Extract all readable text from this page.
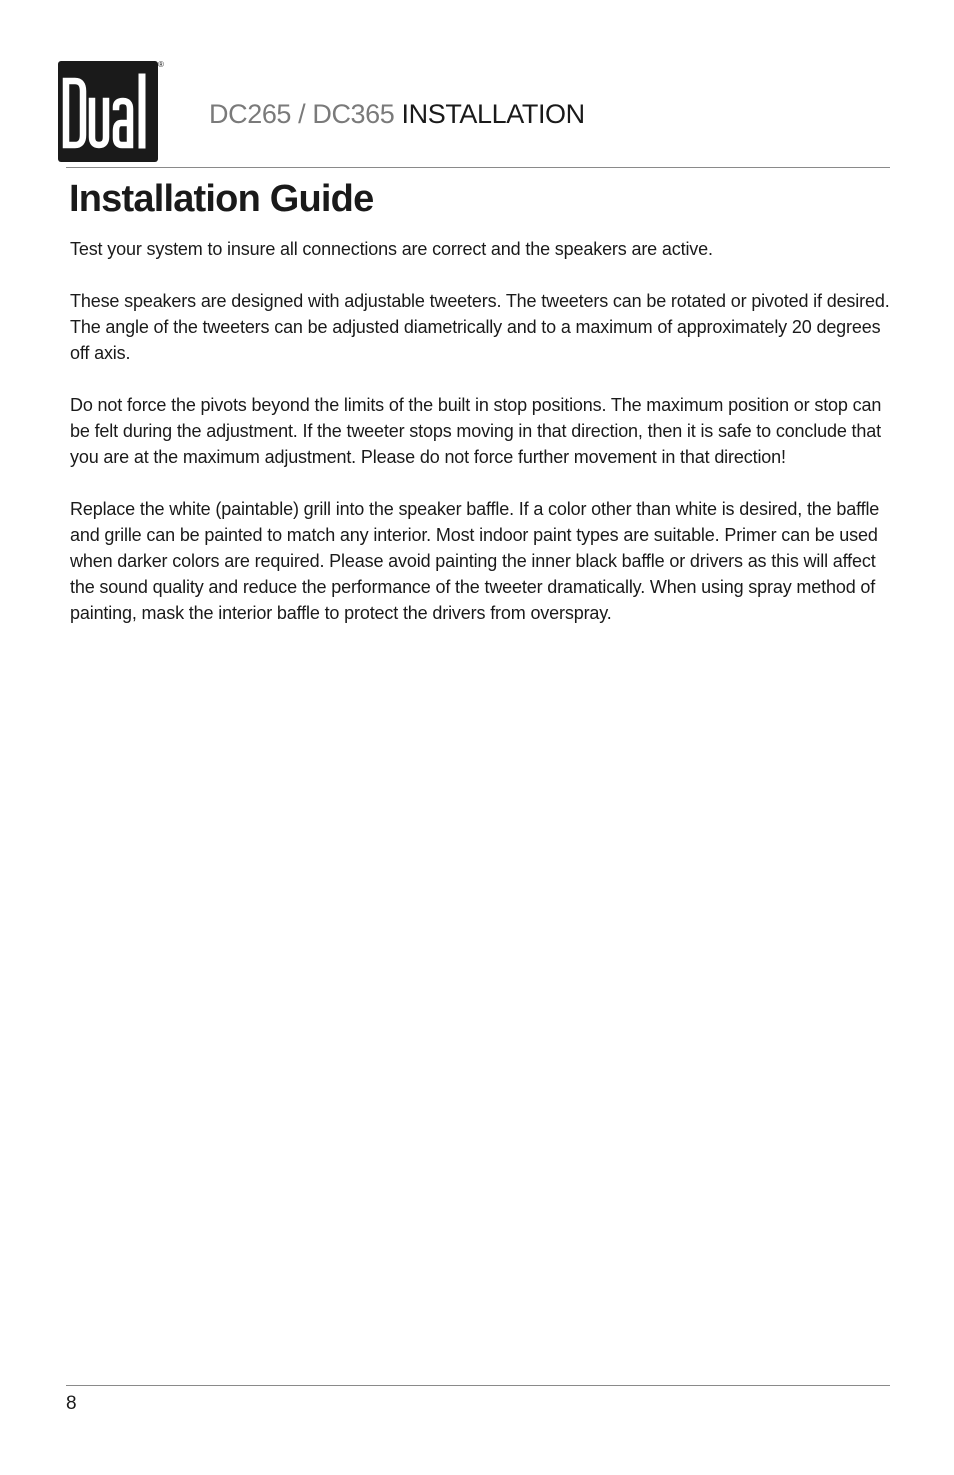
®
DC265 / DC365 INSTALLATION
Installation Guide

Test your system to insure all connections are correct and the speakers are active.

These speakers are designed with adjustable tweeters. The tweeters can be rotated or pivoted if desired. The angle of the tweeters can be adjusted diametrically and to a maximum of approximately 20 degrees off axis.

Do not force the pivots beyond the limits of the built in stop positions. The maximum position or stop can be felt during the adjustment. If the tweeter stops moving in that direction, then it is safe to conclude that you are at the maximum adjustment. Please do not force further movement in that direction!

Replace the white (paintable) grill into the speaker baffle. If a color other than white is desired, the baffle and grille can be painted to match any interior. Most indoor paint types are suitable. Primer can be used when darker colors are required. Please avoid painting the inner black baffle or drivers as this will affect the sound quality and reduce the performance of the tweeter dramatically. When using spray method of painting, mask the interior baffle to protect the drivers from overspray.

8
